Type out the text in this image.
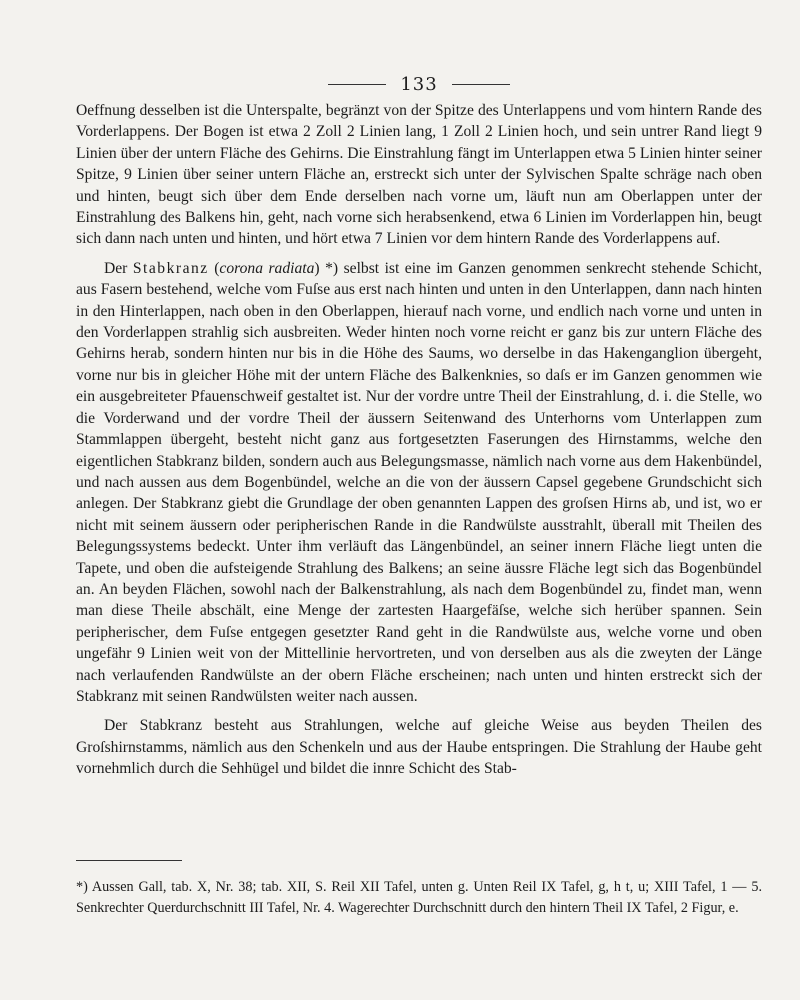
133

Oeffnung desselben ist die Unterspalte, begränzt von der Spitze des Unterlappens und vom hintern Rande des Vorderlappens. Der Bogen ist etwa 2 Zoll 2 Linien lang, 1 Zoll 2 Linien hoch, und sein untrer Rand liegt 9 Linien über der untern Fläche des Gehirns. Die Einstrahlung fängt im Unterlappen etwa 5 Linien hinter seiner Spitze, 9 Linien über seiner untern Fläche an, erstreckt sich unter der Sylvischen Spalte schräge nach oben und hinten, beugt sich über dem Ende derselben nach vorne um, läuft nun am Oberlappen unter der Einstrahlung des Balkens hin, geht, nach vorne sich herabsenkend, etwa 6 Linien im Vorderlappen hin, beugt sich dann nach unten und hinten, und hört etwa 7 Linien vor dem hintern Rande des Vorderlappens auf.

Der Stabkranz (corona radiata) *) selbst ist eine im Ganzen genommen senkrecht stehende Schicht, aus Fasern bestehend, welche vom Fuſse aus erst nach hinten und unten in den Unterlappen, dann nach hinten in den Hinterlappen, nach oben in den Oberlappen, hierauf nach vorne, und endlich nach vorne und unten in den Vorderlappen strahlig sich ausbreiten. Weder hinten noch vorne reicht er ganz bis zur untern Fläche des Gehirns herab, sondern hinten nur bis in die Höhe des Saums, wo derselbe in das Hakenganglion übergeht, vorne nur bis in gleicher Höhe mit der untern Fläche des Balkenknies, so daſs er im Ganzen genommen wie ein ausgebreiteter Pfauenschweif gestaltet ist. Nur der vordre untre Theil der Einstrahlung, d. i. die Stelle, wo die Vorderwand und der vordre Theil der äussern Seitenwand des Unterhorns vom Unterlappen zum Stammlappen übergeht, besteht nicht ganz aus fortgesetzten Faserungen des Hirnstamms, welche den eigentlichen Stabkranz bilden, sondern auch aus Belegungsmasse, nämlich nach vorne aus dem Hakenbündel, und nach aussen aus dem Bogenbündel, welche an die von der äussern Capsel gegebene Grundschicht sich anlegen. Der Stabkranz giebt die Grundlage der oben genannten Lappen des groſsen Hirns ab, und ist, wo er nicht mit seinem äussern oder peripherischen Rande in die Randwülste ausstrahlt, überall mit Theilen des Belegungssystems bedeckt. Unter ihm verläuft das Längenbündel, an seiner innern Fläche liegt unten die Tapete, und oben die aufsteigende Strahlung des Balkens; an seine äussre Fläche legt sich das Bogenbündel an. An beyden Flächen, sowohl nach der Balkenstrahlung, als nach dem Bogenbündel zu, findet man, wenn man diese Theile abschält, eine Menge der zartesten Haargefäſse, welche sich herüber spannen. Sein peripherischer, dem Fuſse entgegen gesetzter Rand geht in die Randwülste aus, welche vorne und oben ungefähr 9 Linien weit von der Mittellinie hervortreten, und von derselben aus als die zweyten der Länge nach verlaufenden Randwülste an der obern Fläche erscheinen; nach unten und hinten erstreckt sich der Stabkranz mit seinen Randwülsten weiter nach aussen.

Der Stabkranz besteht aus Strahlungen, welche auf gleiche Weise aus beyden Theilen des Groſshirnstamms, nämlich aus den Schenkeln und aus der Haube entspringen. Die Strahlung der Haube geht vornehmlich durch die Sehhügel und bildet die innre Schicht des Stab-

*) Aussen Gall, tab. X, Nr. 38; tab. XII, S. Reil XII Tafel, unten g. Unten Reil IX Tafel, g, h t, u; XIII Tafel, 1 — 5. Senkrechter Querdurchschnitt III Tafel, Nr. 4. Wagerechter Durchschnitt durch den hintern Theil IX Tafel, 2 Figur, e.
